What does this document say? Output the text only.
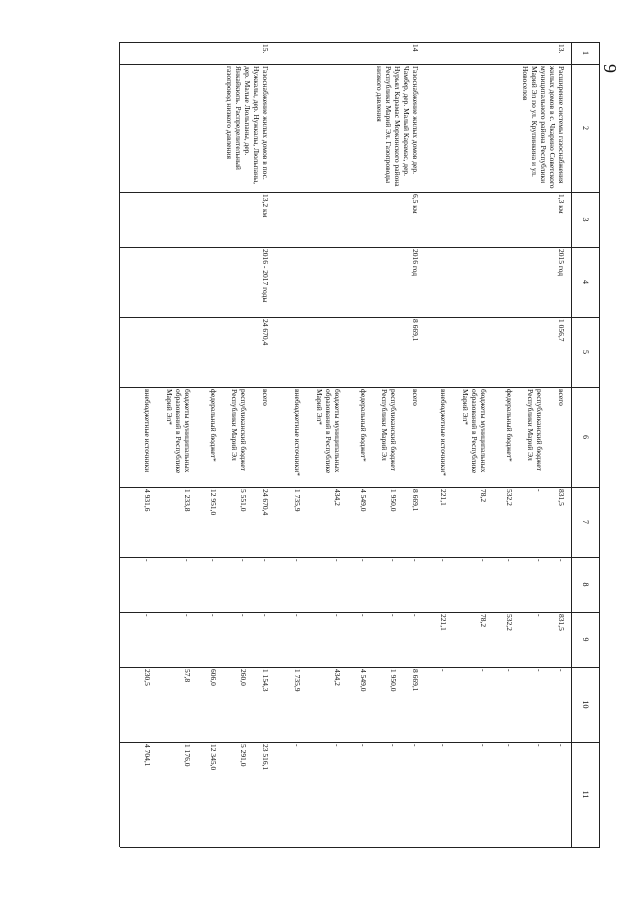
9
1
2
3
4
5
6
7
8
9
10
11
13.
Расширение системы газоснабжения жилых домов в с. Чкарино Советского муниципального района Республики Марий Эл по ул. Крупинкина и ул. Новоселов
1,3 км
2015 год
1 056,7
всего
831,5
-
831,5
-
-
республиканский бюджет Республики Марий Эл
-
-
-
-
-
федеральный бюджет*
532,2
-
532,2
-
-
бюджеты муниципальных образований в Республике Марий Эл*
78,2
-
78,2
-
-
внебюджетные источники*
221,1
-
221,1
-
-
14
Газоснабжение жилых домов дер. Чамбер, дер. Малый Карамас, дер. Нурьял Карамас Моркинского района Республики Марий Эл. Газопроводы низкого давления
6,5 км
2016 год
8 669,1
всего
8 669,1
-
-
8 669,1
-
республиканский бюджет Республики Марий Эл
1 950,0
-
-
1 950,0
-
федеральный бюджет*
4 549,0
-
-
4 549,0
-
бюджеты муниципальных образований в Республике Марий Эл*
434,2
-
-
434,2
-
внебюджетные источники*
1 735,9
-
-
1 735,9
-
15.
Газоснабжение жилых домов в пос. Нужкалы, дер. Нужкалы, Люльпаны, дер. Малые Люльпаны, дер. Янкайкюпь. Распределительный газопровод низкого давления
13,2 км
2016 - 2017 годы
24 670,4
всего
24 670,4
-
-
1 154,3
23 516,1
республиканский бюджет Республики Марий Эл
5 551,0
-
-
260,0
5 291,0
федеральный бюджет*
12 951,0
-
-
606,0
12 345,0
бюджеты муниципальных образований в Республике Марий Эл*
1 233,8
-
-
57,8
1 176,0
внебюджетные источники
4 931,6
-
-
230,5
4 704,1
